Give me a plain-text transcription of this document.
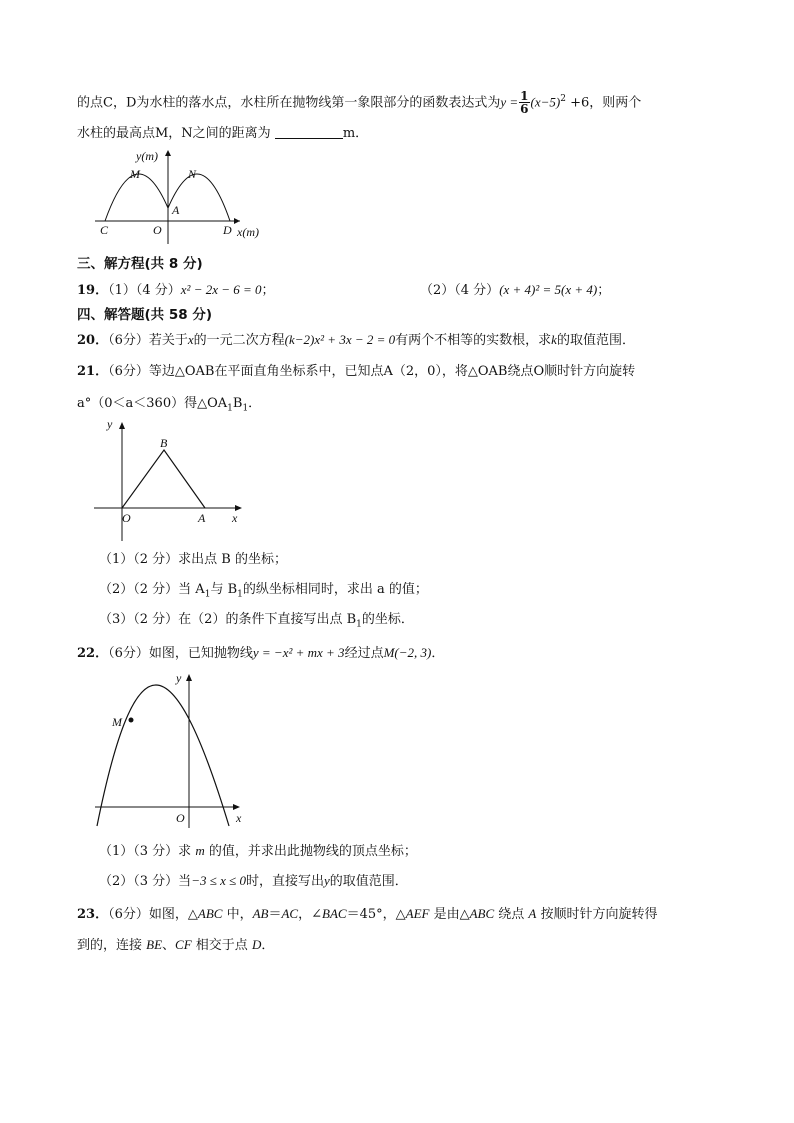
的点C，D为水柱的落水点，水柱所在抛物线第一象限部分的函数表达式为$y = \frac{1}{6} (x-5)^2 +6$，则两个
水柱的最高点M，N之间的距离为	m．
y(m)
M	N
A
C	O	D x(m)
三、解方程(共 8 分)
19．（1）（4 分）x² − 2x − 6 = 0；	（2）（4 分）(x + 4)² = 5(x + 4)；
四、解答题(共 58 分)
20．（6分）若关于x的一元二次方程(k−2)x² + 3x − 2 = 0有两个不相等的实数根，求k的取值范围．
21．（6分）等边△OAB在平面直角坐标系中，已知点A（2，0），将△OAB绕点O顺时针方向旋转
a°（0＜a＜360）得$\triangle OA_1B_1$．
y
B
O	A x
（1）（2 分）求出点 B 的坐标；
（2）（2 分）当 $A_1$与 $B_1$的纵坐标相同时，求出 a 的值；
（3）（2 分）在（2）的条件下直接写出点 $B_1$的坐标．
22．（6分）如图，已知抛物线y = −x² + mx + 3经过点M(−2, 3)．
y
M
O	x
（1）（3 分）求 m 的值，并求出此抛物线的顶点坐标；
（2）（3 分）当−3 ≤ x ≤ 0时，直接写出y的取值范围．
23．（6分）如图，△ABC 中，AB＝AC，∠BAC＝45°，△AEF 是由△ABC 绕点 A 按顺时针方向旋转得
到的，连接 BE、CF 相交于点 D．
